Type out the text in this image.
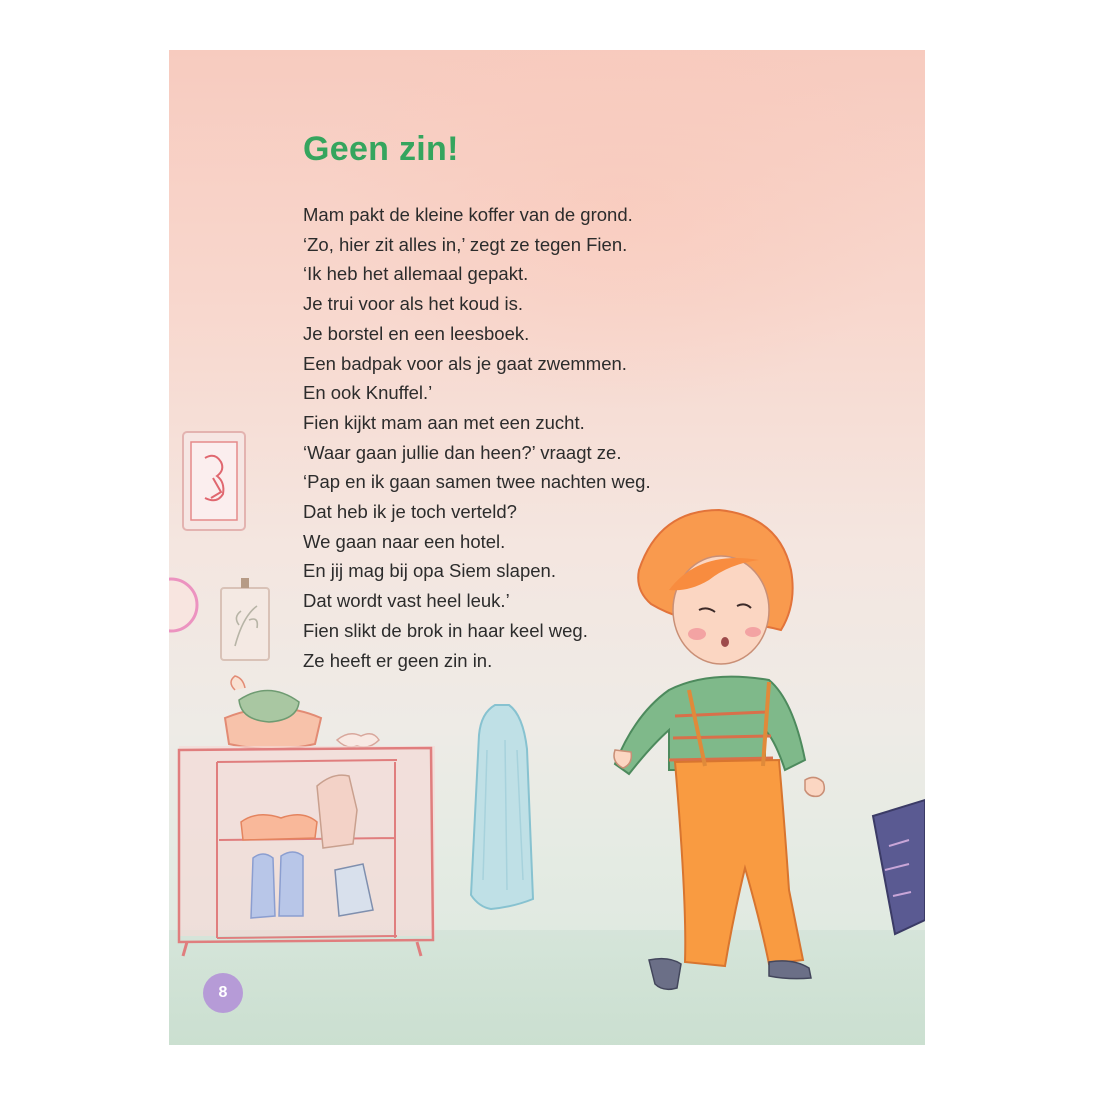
Geen zin!
Mam pakt de kleine koffer van de grond.
‘Zo, hier zit alles in,’ zegt ze tegen Fien.
‘Ik heb het allemaal gepakt.
Je trui voor als het koud is.
Je borstel en een leesboek.
Een badpak voor als je gaat zwemmen.
En ook Knuffel.’
Fien kijkt mam aan met een zucht.
‘Waar gaan jullie dan heen?’ vraagt ze.
‘Pap en ik gaan samen twee nachten weg.
Dat heb ik je toch verteld?
We gaan naar een hotel.
En jij mag bij opa Siem slapen.
Dat wordt vast heel leuk.’
Fien slikt de brok in haar keel weg.
Ze heeft er geen zin in.
8
